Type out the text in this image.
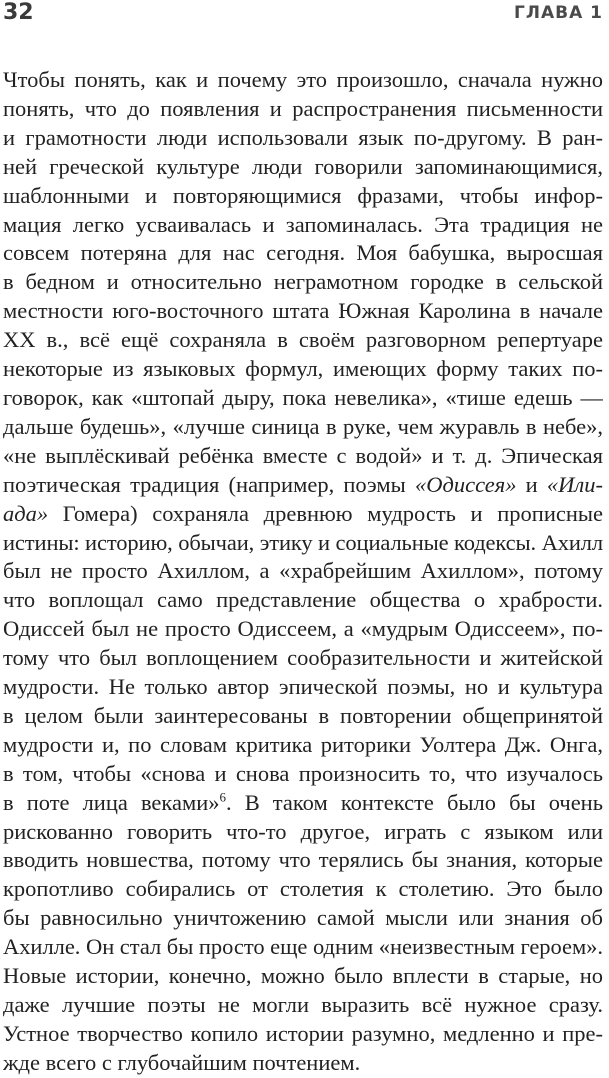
32	ГЛАВА 1
Чтобы понять, как и почему это произошло, сначала нужно
понять, что до появления и распространения письменности
и грамотности люди использовали язык по-другому. В ран-
ней греческой культуре люди говорили запоминающимися,
шаблонными и повторяющимися фразами, чтобы инфор-
мация легко усваивалась и запоминалась. Эта традиция не
совсем потеряна для нас сегодня. Моя бабушка, выросшая
в бедном и относительно неграмотном городке в сельской
местности юго-восточного штата Южная Каролина в начале
XX в., всё ещё сохраняла в своём разговорном репертуаре
некоторые из языковых формул, имеющих форму таких по-
говорок, как «штопай дыру, пока невелика», «тише едешь —
дальше будешь», «лучше синица в руке, чем журавль в небе»,
«не выплёскивай ребёнка вместе с водой» и т. д. Эпическая
поэтическая традиция (например, поэмы «Одиссея» и «Или-
ада» Гомера) сохраняла древнюю мудрость и прописные
истины: историю, обычаи, этику и социальные кодексы. Ахилл
был не просто Ахиллом, а «храбрейшим Ахиллом», потому
что воплощал само представление общества о храбрости.
Одиссей был не просто Одиссеем, а «мудрым Одиссеем», по-
тому что был воплощением сообразительности и житейской
мудрости. Не только автор эпической поэмы, но и культура
в целом были заинтересованы в повторении общепринятой
мудрости и, по словам критика риторики Уолтера Дж. Онга,
в том, чтобы «снова и снова произносить то, что изучалось
в поте лица веками»$^6$. В таком контексте было бы очень
рискованно говорить что-то другое, играть с языком или
вводить новшества, потому что терялись бы знания, которые
кропотливо собирались от столетия к столетию. Это было
бы равносильно уничтожению самой мысли или знания об
Ахилле. Он стал бы просто еще одним «неизвестным героем».
Новые истории, конечно, можно было вплести в старые, но
даже лучшие поэты не могли выразить всё нужное сразу.
Устное творчество копило истории разумно, медленно и пре-
жде всего с глубочайшим почтением.
